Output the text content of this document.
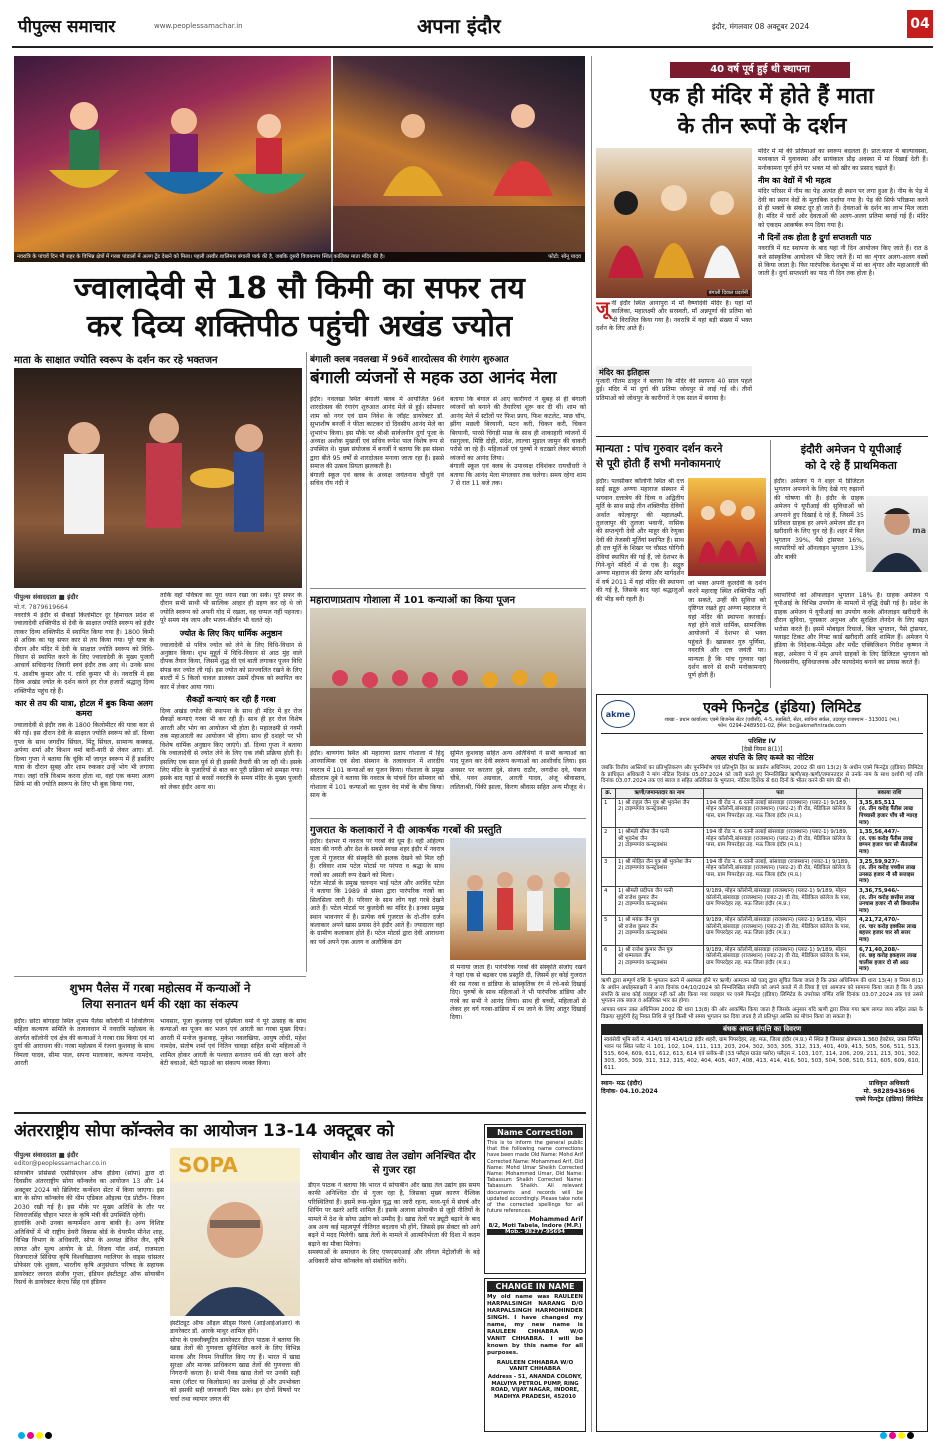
पीपुल्स समाचार	www.peoplessamachar.in	अपना इंदौर	इंदौर, मंगलवार 08 अक्टूबर 2024	04
नवरात्रि के पांचवें दिन भी शहर के विभिन्न क्षेत्रों में गरबा पांडालों में अलग ट्रेंड देखने को मिला। पहली तस्वीर शालिमार बंगाली पार्क की है, जबकि दूसरी विजयनगर स्थित कालिका माता मंदिर की है।	फोटो: सोनू यादव
ज्वालादेवी से 18 सौ किमी का सफर तय
कर दिव्य शक्तिपीठ पहुंची अखंड ज्योत
माता के साक्षात ज्योति स्वरूप के दर्शन कर रहे भक्तजन
पीपुल्स संवाददाता ■ इंदौर
मो.नं. 7879619664

नवरात्रि में इंदौर से सैकड़ों किलोमीटर दूर हिमाचल प्रदेश से ज्वालादेवी शक्तिपीठ से देवी के साक्षात ज्योति स्वरूप को इंदौर लाकर दिव्य शक्तिपीठ में स्थापित किया गया है। 1800 किमी से अधिक का यह सफर कार से तय किया गया। पूरे यात्रा के दौरान और मंदिर में देवी के साक्षात ज्योति स्वरूप को विधि-विधान से स्थापित करने के लिए ज्वालादेवी के मुख्य पुजारी आचार्य सचिदानंद तिवारी स्वयं इंदौर तक आए थे। उनके साथ पं. आशीष कुमार और पं. राशि कुमार भी थे। नवरात्रि में इस दिव्य अखंड ज्योत के दर्शन करने हर रोज हजारों श्रद्धालु दिव्य शक्तिपीठ पहुंच रहे हैं।

कार से तय की यात्रा, होटल में बुक किया अलग कमरा

ज्वालादेवी से इंदौर तक के 1800 किलोमीटर की यात्रा कार से की गई। इस दौरान देवी के साक्षात ज्योति स्वरूप को डॉ. दिव्या गुप्ता के साथ जगदीप सिंघल, मिंटू सिंघल, सामान्य कक्कड़, अर्पणा शर्मा और किशन वर्मा बारी-बारी से लेकर आए। डॉ. दिव्या गुप्ता ने बताया कि चूंकि माँ जागृत स्वरूप में हैं इसलिए यात्रा के दौरान सुबह और शाम रुककर उन्हें भोग भी लगाया गया। जहां रात्रि विश्राम करना होता था, वहां एक कमरा अलग सिर्फ मां की ज्योति स्वरूप के लिए भी बुक किया गया,

ताकि वहां पवित्रता का पूरा ध्यान रखा जा सके। पूरे सफर के दौरान सभी साथी भी सात्विक आहार ही ग्रहण कर रहे थे जो ज्योति स्वरूप को अपनी गोद में रखता, वह चप्पल नहीं पहनता। पूरे समय मंत्र जाप और भजन-कीर्तन भी चलते रहे।

ज्योत के लिए किए धार्मिक अनुष्ठान

ज्वालादेवी से पवित्र ज्योत को लेने के लिए विधि-विधान से अनुष्ठान किया। शुभ मुहूर्त में विधि-विधान से आठ मुंह वाले दीपक तैयार किया, जिसमें शुद्ध घी एवं बाती लगाकर पूजन विधि संपन्न कर ज्योत ली गई। इस ज्योत को प्रज्ज्वलित रखने के लिए बाल्टी में 5 किलो चावल डालकर उसमें दीपक को स्थापित कर कार में लेकर आया गया।

सैकड़ों कन्याएं कर रही हैं गरबा

दिव्य अखंड ज्योत की स्थापना के साथ ही मंदिर में हर रोज सैकड़ों कन्याएं गरबा भी कर रही हैं। साथ ही हर रोज विशेष आरती और भोग का आयोजन भी होता है। महालक्ष्मी से नवमी तक महाआरती का आयोजन भी होगा। साथ ही दशहरे पर भी विशेष धार्मिक अनुष्ठान किए जाएंगे। डॉ. दिव्या गुप्ता ने बताया कि ज्वालादेवी से ज्योत लेने के लिए एक लंबी प्रक्रिया होती है। इसलिए एक साल पूर्व से ही इसकी तैयारी की जा रही थी। इसके लिए मंदिर के पुजारियों से बात कर पूरी प्रक्रिया को समझा गया। इसके बाद यहां से बरसों नवरात्रि के समय मंदिर के मुख्य पुजारी को लेकर इंदौर आना था।

बंगाली क्लब नवलखा में 96वें शारदोत्सव की रंगारंग शुरुआत
बंगाली व्यंजनों से महक उठा आनंद मेला

इंदौर। नवलखा स्थित बंगाली क्लब में आयोजित 96वें शारदोत्सव की रंगारंग शुरुआत आनंद मेले से हुई। सोमवार शाम को नगर एवं ग्राम निवेश के जॉइंट डायरेक्टर डॉ. सुभाशीष बनर्जी ने फीता काटकर दो दिवसीय आनंद मेले का शुभारंभ किया। इस मौके पर श्रीश्री सार्वजनीन दुर्गा पूजा के अध्यक्ष अशोक मुखर्जी एवं सचिव रूपेश पाल विशेष रूप से उपस्थित थे। मुख्य संयोजक में बनर्जी ने बताया कि इस संस्था द्वारा बीते 95 वर्षों से शारदोत्सव मनाया जाता रहा है। इससे समाज की उत्सव प्रियता झलकती है।

बंगाली स्कूल एवं क्लब के अध्यक्ष जयंतनाथ चौधुरी एवं सचिव रॉय नंदी ने

बताया कि बंगाल से आए कारीगरों ने सुबह से ही बंगाली व्यंजनों को बनाने की तैयारियां शुरू कर दी थीं। शाम को आनंद मेले में स्टॉलों पर फिश फ्राय, फिश कटलेट, माछ चॉप, झींगा मछली बिरयानी, मटन करी, चिकन करी, चिकन बिरयानी, पारसे चिंगड़ी माछ के साथ ही शाकाहारी व्यंजनों में रसगुल्ला, मिष्टि दोही, संदेश, लाल्चा मुड़ाल जामुन की चाकरी परोसे जा रहे हैं। महिलाओं एवं पुरुषों ने चटखारे लेकर बंगाली व्यंजनों का आनंद लिया।

बंगाली स्कूल एवं क्लब के उपाध्यक्ष रविशंकर रायचौधरी ने बताया कि आनंद मेला मंगलवार तक चलेगा। समय रहेगा शाम 7 से रात 11 बजे तक।

महाराणाप्रताप गोशाला में 101 कन्याओं का किया पूजन
इंदौर। बाणगंगा स्थित श्री महाराणा प्रताप गोशाला में हिंदू आध्यात्मिक एवं सेवा संस्थान के तत्वावधान में शारदीय नवरात्र में 101 कन्याओं का पूजन किया। गोशाला के प्रमुख सीताराम दुबे ने बताया कि नवरात्र के पांचवें दिन सोमवार को गोशाला में 101 कन्याओं का पूजन वेद मंत्रों के बीच किया। साथ के
सुमित कुशवाह सहित अन्य अतिथियों ने सभी कन्याओं का पाद पूजन कर देवी स्वरूप कन्याओं का आशीर्वाद लिया। इस अवसर पर करतार दुबे, संजय राठौर, जगदीश दवे, पंकज चौबे, पवन अग्रवाल, आरती यादव, अंजू श्रीवास्तव, ललिताश्री, पिंकी झाला, किरण श्रीवास सहित अन्य मौजूद थे।
गुजरात के कलाकारों ने दी आकर्षक गरबों की प्रस्तुति

इंदौर। देशभर में नवरात्र पर गरबों की धूम है। वहीं अहिल्या माता की नगरी और देश के सबसे स्वच्छ शहर इंदौर में नवरात्र पूजा में गुजरात की संस्कृति की झलक देखने को मिल रही है। रविवार शाम पटेल मोटर्स पर परंपरा व श्रद्धा के साथ गरबों का असली रूप देखने को मिला।

पटेल मोटर्स के प्रमुख चलन्दन भाई पटेल और अरविंद पटेल ने बताया कि 1989 से संस्था द्वारा पारंपरिक गरबों का सिलसिला जारी है। परिवार के साथ लोग यहां गरबे देखने आते हैं। पटेल मोटर्स पर कुलदेवी का मंदिर है। इनका प्रमुख स्थान भावनगर में है। प्रत्येक वर्ष गुजरात के दो-तीन दर्जन कलाकार अपने खास प्रयास देने इंदौर आते हैं। ज्यादातर वहां के ग्रामीण कलाकार होते हैं। पटेल मोटर्स द्वारा देवी आराधना का पर्व अपने एक अलग व अलौकिक ढंग

से मनाया जाता है। पारंपरिक गरबों की संस्कृति संजोए रखने ने यहां एक से बढ़कर एक प्रस्तुति दी, जिसमें हर कोई गुजरात की रस गरबा व डांडिया के सांस्कृतिक रंग में रचे-बसे दिखाई दिए। पुरुषों के साथ महिलाओं ने भी पारंपरिक डांडिया और गरबे का सभी ने आनंद लिया। साथ ही बच्चों, महिलाओं से लेकर हर वर्ग गरबा-डांडिया में रम जाने के लिए आतुर दिखाई दिया।
शुभम पैलेस में गरबा महोत्सव में कन्याओं ने
लिया सनातन धर्म की रक्षा का संकल्प
इंदौर। छोटा बांगड़दा स्थित शुभम पैलेस कॉलोनी में शिवलिंगम महिला कल्याण समिति के तत्वावधान में नवरात्रि महोत्सव के अंतर्गत कॉलोनी एवं क्षेत्र की कन्याओं ने गरबा रास किया एवं मां दुर्गा की आराधना की। गरबा महोत्सव में रंजना कुशवाह के साथ विमला यादव, सीमा पाल, सपना मालाकार, कल्पना नामदेव, आरती
भावसार, पूजा कुशवाह एवं सुस्मिता वर्मा ने पूरे उत्साह के साथ कन्याओं का पूजन कर भजन एवं आरती का गरबा मुख्य दिया। आरती में मनोज कुशवाह, मुकेश नवलखिया, आयुष लोधी, महेश नामदेव, संतोष शर्मा एवं नितिन चावड़ा सहित सभी महिलाओं ने शामिल होकर आरती के पश्चात सनातन धर्म की रक्षा करने और बेटी बचाओ, बेटी पढ़ाओ का संकल्प व्यक्त किया।
अंतरराष्ट्रीय सोपा कॉन्क्लेव का आयोजन 13-14 अक्टूबर को
पीपुल्स संवाददाता ■ इंदौर
editor@peoplessamachar.co.in

सोयाबीन प्रोसेसर्स एसोसिएशन ऑफ इंडिया (सोपा) द्वारा दो दिवसीय अंतरराष्ट्रीय सोया कॉन्क्लेव का आयोजन 13 और 14 अक्टूबर 2024 को ब्रिलियंट कन्वेंशन सेंटर में किया जाएगा। इस बार के सोपा कॉन्क्लेव की थीम एडिबल ऑइल्स एंड प्रोटीन- विजन 2030 रखी गई है। इस मौके पर मुख्य अतिथि के तौर पर शिवराजसिंह चौहान भारत के कृषि मंत्री की उपस्थिति रहेगी।

हालांकि अभी उनका कन्फर्मेशन आना बाकी है। अन्य विशिष्ट अतिथियों में भी राष्ट्रीय डेयरी विकास बोर्ड के चेयरमैन मीनेश शाह, विभिन्न विभाग के अधिकारी, सोपा के अध्यक्ष डेविश जैन, कृषि लागत और मूल्य आयोग के प्रो. विजय पॉल शर्मा, राजमाता विजयाराजे सिंधिया कृषि विश्वविद्यालय ग्वालियर के वाइस चांसलर प्रोफेसर एके शुक्ला, भारतीय कृषि अनुसंधान परिषद के सहायक डायरेक्टर जनरल संजीव गुप्ता, इंडियन इंस्टीट्यूट ऑफ सोयाबीन रिसर्च के डायरेक्टर केएच सिंह एवं इंडियन

SOPA

इंस्टीट्यूट ऑफ ऑइल सीड्स रिसर्च (आईआईओआर) के डायरेक्टर डॉ. आरके माथुर शामिल होंगे।

सोपा के एक्जीक्यूटिव डायरेक्टर डीएन पाठक ने बताया कि खाद्य तेलों की गुणवत्ता सुनिश्चित करने के लिए विभिन्न मानक और नियम निर्धारित किए गए हैं। भारत में खाद्य सुरक्षा और मानक प्राधिकरण खाद्य तेलों की गुणवत्ता की निगरानी करता है। सभी पैक्ड खाद्य तेलों पर उनकी सही मात्रा (लीटर या किलोग्राम) का उल्लेख हो और उपभोक्ता को इसकी सही जानकारी मिल सके। इन दोनों विषयों पर चर्चा तथा व्यापार जगत की

सोयाबीन और खाद्य तेल उद्योग अनिश्चित दौर से गुजर रहा

डीएन पाठक ने बताया कि भारत में सोयाबीन और खाद्य तेल उद्योग इस समय काफी अनिश्चित दौर से गुजर रहा है, जिसका मुख्य कारण वैश्विक परिस्थितियां हैं। इसमें रूस-यूक्रेन युद्ध का जारी रहना, मध्य-पूर्व में संघर्ष और शिपिंग पर खतरे आदि शामिल हैं। इसके अलावा सोयाबीन से जुड़ी नीतियों के मामले में देश के सोया उद्योग को उम्मीद है। खाद्य तेलों पर ड्यूटी बढ़ाने के बाद अब अन्य कई महत्वपूर्ण नीतिगत बदलाव भी होंगे, जिससे इस सेक्टर को आगे बढ़ने में मदद मिलेगी। खाद्य तेलों के मामले में आत्मनिर्भरता की दिशा में कदम बढ़ाने का मौका मिलेगा।

समस्याओं के समाधान के लिए एफएसएआई और लीगल मेट्रोलॉजी के बड़े अधिकारी सोपा कॉन्क्लेव को संबोधित करेंगे।

Name Correction
This is to inform the general public that the following name corrections have been made Old Name: Mohd Arif Corrected Name: Mohammed Arif, Old Name: Mohd Umar Sheikh Corrected Name: Mohammed Umar, Old Name: Tabassum Shaikh Corrected Name: Tabassum Shaikh. All relevant documents and records will be updated accordingly. Please take note of the corrected spellings for all future references.
Mohammed Arif
8/2, Moti Tabela, Indore (M.P.)
Mob.- 98277-95694
CHANGE IN NAME
My old name was RAULEEN HARPALSINGH NARANG D/O HARPALSINGH HARMOHINDER SINGH. I have changed my name, my new name is RAULEEN CHHABRA W/O VANIT CHHABRA. I will be known by this name for all purposes.
RAULEEN CHHABRA W/O VANIT CHHABRA
Address - 51, ANANDA COLONY, MALVIYA PETROL PUMP, RING ROAD, VIJAY NAGAR, INDORE, MADHYA PRADESH, 452010
40 वर्ष पूर्व हुई थी स्थापना
एक ही मंदिर में होते हैं माता
के तीन रूपों के दर्शन
बंगाली दिवाल प्रदर्शनी
जू नी इंदौर स्थित आनापुरा में माँ वैष्णोदेवी मंदिर है। यहां माँ कालिका, महालक्ष्मी और सरस्वती, माँ अन्नपूर्णा की प्रतिमा को भी विराजित किया गया है। नवरात्रि में यहां बड़ी संख्या में भक्त दर्शन के लिए आते हैं।
मंदिर का इतिहास
पुजारी गौतम ठाकुर ने बताया कि मंदिर की स्थापना 40 साल पहले हुई। मंदिर में मां दुर्गा की प्रतिमा जोधपुर से लाई गई थी। तीनों प्रतिमाओं को जोधपुर के कारीगरों ने एक साल में बनाया है।

मंदिर में मां की प्रतिमाओं का स्वरूप बदलता है। प्रात:काल में बाल्यावस्था, मध्यकाल में युवावस्था और सायंकाल प्रौढ़ अवस्था में मां दिखाई देती हैं। मनोकामना पूर्ण होने पर भक्त मां को खीर का प्रसाद चढ़ाते हैं।

नीम का वेद्यों में भी महत्व

मंदिर परिसर में नीम का पेड़ अत्यंत ही स्थान पर लगा हुआ है। नीम के पेड़ में देवी का स्थान वेदों के मुताबिक दर्शाया गया है। पेड़ की सिर्फ परिक्रमा करने से ही भक्तों के संकट दूर हो जाते हैं। देवताओं के दर्शन का लाभ मिल जाता है। मंदिर में चारों ओर देवताओं की अलग-अलग प्रतिमा बनाई गई हैं। मंदिर को एकदम आकर्षक रूप दिया गया है।

नौ दिनों तक होता है दुर्गा सप्तशती पाठ

नवरात्रि में घट स्थापना के बाद यहां नौ दिन आयोजन किए जाते हैं। रात 8 बजे सांस्कृतिक आयोजन भी किए जाते हैं। मां का शृंगार अलग-अलग वस्त्रों से किया जाता है। फिर पारंपरिक वेशभूषा में मां का शृंगार और महाआरती की जाती है। दुर्गा सप्तशती का पाठ नौ दिन तक होता है।

मान्यता : पांच गुरुवार दर्शन करने
से पूरी होती हैं सभी मनोकामनाएं
इंदौर। पलसीकर कॉलोनी स्थित श्री दत्त साईं सद्गुरु अण्णा महाराज संस्थान में भगवान दत्तात्रेय की दिव्य व अद्वितीय मूर्ति के साथ साढ़े तीन शक्तिपीठ देवियों अर्थात कोल्हापुर की महालक्ष्मी, तुलजापुर की तुलजा भवानी, नासिक की सप्तशृंगी देवी और माहूर की रेणुका देवी की तेजस्वी मूर्तियां स्थापित हैं। साथ ही दत्त मूर्ति के शिखर पर चौसठ योगिनी देवियां स्थापित की गई हैं, जो देशभर के गिने-चुने मंदिरों में से एक है। सद्गुरु अण्णा महाराज की प्रेरणा और मार्गदर्शन में वर्ष 2011 में यहां मंदिर की स्थापना की गई है, जिसके बाद यहां श्रद्धालुओं की भीड़ बनी रहती है।
जो भक्त अपनी कुलदेवी के दर्शन करने महाराष्ट्र स्थित शक्तिपीठ नहीं जा सकते, उन्हीं की सुविधा को दृष्टिगत रखते हुए अण्णा महाराज ने यहां मंदिर की स्थापना करवाई। यहां होने वाले धार्मिक, सामाजिक आयोजनों में देशभर से भक्त पहुंचते हैं। खासकर गुरु पूर्णिमा, नवरात्रि और दत्त जयंती पर। मान्यता है कि पांच गुरुवार यहां दर्शन करने से सभी मनोकामनाएं पूर्ण होती हैं।
इंदौरी अमेजन पे यूपीआई
को दे रहे हैं प्राथमिकता
इंदौर। अमेजन पे ने शहर में डिजिटल भुगतान अपनाने के लिए देखे गए रुझानों की घोषणा की है। इंदौर के ग्राहक अमेजन पे यूपीआई की सुविधाओं को अपनाने हुए दिखाई दे रहे हैं, जिसमें 35 प्रतिशत ग्राहक हर अपने अमेजन डॉट इन खरीदारी के लिए चुन रहे हैं। शहर में बिल भुगतान 39%, पैसे ट्रांसफर 16%, व्यापारियों को ऑनलाइन भुगतान 13% और बाकी
ma
व्यापारियों को ऑफलाइन भुगतान 18% है। ग्राहक अमेजन पे यूपीआई के विभिन्न उपयोग के मामलों में वृद्धि देखी गई है। प्रदेश के ग्राहक अमेजन पे यूपीआई का उपयोग करके ऑनलाइन खरीदारी के दौरान सुविधा, पुरस्कार अनुभव और सुरक्षित लेनदेन के लिए बढ़त भरोसा करते हैं। इसमें मोबाइल रिचार्ज, बिल भुगतान, पैसे ट्रांसफर, फ्लाइट टिकट और गिफ्ट कार्ड खरीदारी आदि शामिल हैं। अमेजन पे इंडिया के निदेशक-पेमेंट्स और मर्चेंट एक्विजिशन गिरीश कृष्णन ने कहा, अमेजन पे में हम अपने ग्राहकों के लिए डिजिटल भुगतान को विश्वसनीय, सुविधाजनक और फायदेमंद बनाने का प्रयास करते हैं।
akme	एक्मे फिनट्रेड (इंडिया) लिमिटेड
शाखा - प्रधान कार्यालय: एक्मे बिजनेस सेंटर (एबीसी), 4-5, सबसिटी, सेंटर, साविना सर्कल, उदयपुर राजस्थान - 313001 (भा.)
फोन: 0294-2489501-02, ईमेल: bc@akmefintrade.com
परिशिष्ट IV
[देखें नियम 8(1)]
अचल संपत्ति के लिए कब्जे का नोटिस
जबकि वित्तीय आस्तियों का प्रतिभूतिकरण और पुनर्निर्माण एवं प्रतिभूति हित का प्रवर्तन अधिनियम, 2002 की धारा 13(2) के अधीन एक्मे फिनट्रेड (इंडिया) लिमिटेड के प्राधिकृत अधिकारी ने मांग नोटिस दिनांक 05.07.2024 को जारी करते हुए निम्नलिखित ऋणी/सह-ऋणी/जमानतदार से उनके नाम के साथ दर्शायी गई राशि दिनांक 03.07.2024 तक एवं ब्याज व सहित अतिरिक्त के भुगतान, नोटिस दिनांक से 60 दिनों के भीतर करने की मांग की थी।
क्र.	ऋणी/जमानतदार का नाम	पता	बकाया राशि
1	1) श्री राहुल जैन पुत्र श्री भुवनेश जैन
2) टाइम्पगांव कन्स्ट्रक्शंस	194 वी रोड न. 6 रतनी तलाई बांसवाड़ा (राजस्थान) (प्लाट-1) 9/189, मोहन कॉलोनी,बांसवाड़ा (राजस्थान) (प्लाट-2) वी रोड, मेडिकिल कॉलेज के पास, ग्राम पिपरदेहर तह. मऊ जिला इंदौर (म.प्र.)	3,35,85,511
(रु. तीन करोड़ पैंतीस लाख पिच्चासी हजार पाँच सौ ग्यारह मात्र)
2	1) श्रीमती सीमा जैन पत्नी
श्री भुवनेश जैन
2) टाइम्पगांव कन्स्ट्रक्शंस	194 वी रोड न. 6 रतनी तलाई बांसवाड़ा (राजस्थान) (प्लाट-1) 9/189, मोहन कॉलोनी,बांसवाड़ा (राजस्थान) (प्लाट-2) वी रोड, मेडिकिल कॉलेज के पास, ग्राम पिपरदेहर तह. मऊ जिला इंदौर (म.प्र.)	1,35,56,447/-
(रु. एक करोड़ पैंतीस लाख छप्पन हजार चार सौ सैंतालीस मात्र)
3	1) श्री मोहित जैन पुत्र श्री भुवनेश जैन
2) टाइम्पगांव कन्स्ट्रक्शंस	194 वी रोड न. 6 रतनी तलाई, बांसवाड़ा (राजस्थान) (प्लाट-1) 9/189, मोहन कॉलोनी,बांसवाड़ा (राजस्थान) (प्लाट-2) वी रोड, मेडिकिल कॉलेज के पास, ग्राम पिपरदेहर तह. मऊ जिला इंदौर (म.प्र.)	3,25,59,927/-
(रु. तीन करोड़ पच्चीस लाख उनसठ हजार नौ सौ सत्ताइस मात्र)
4	1) श्रीमती प्रदीप्ता जैन पत्नी
श्री राजेश कुमार जैन
2) टाइम्पगांव कन्स्ट्रक्शंस	9/189, मोहन कॉलोनी,बांसवाड़ा (राजस्थान) (प्लाट-1) 9/189, मोहन कॉलोनी,बांसवाड़ा (राजस्थान) (प्लाट-2) वी रोड, मेडिकिल कॉलेज के पास, ग्राम पिपरदेहर तह. मऊ जिला इंदौर (म.प्र.)	3,36,75,946/-
(रु. तीन करोड़ छत्तीस लाख उनचास हजार नौ सौ छियालीस मात्र)
5	1) श्री मयंक जैन पुत्र
श्री राजेश कुमार जैन
2) टाइम्पगांव कन्स्ट्रक्शंस	9/189, मोहन कॉलोनी,बांसवाड़ा (राजस्थान) (प्लाट-1) 9/189, मोहन कॉलोनी,बांसवाड़ा (राजस्थान) (प्लाट-2) वी रोड, मेडिकिल कॉलेज के पास, ग्राम पिपरदेहर तह. मऊ जिला इंदौर (म.प्र.)	4,21,72,470/-
(रु. चार करोड़ इक्कीस लाख बहत्तर हजार चार सौ सत्तर मात्र)
6	1) श्री राजेश कुमार जैन पुत्र
श्री धम्मलाल जैन
2) टाइम्पगांव कन्स्ट्रक्शंस	9/189, मोहन कॉलोनी,बांसवाड़ा (राजस्थान) (प्लाट-1) 9/189, मोहन कॉलोनी,बांसवाड़ा (राजस्थान) (प्लाट-2) वी रोड, मेडिकिल कॉलेज के पास, ग्राम पिपरदेहर तह. मऊ जिला इंदौर (म.प्र.)	6,71,40,208/-
(रु. छह करोड़ इकहत्तर लाख चालीस हजार दो सौ आठ मात्र)
ऋणी द्वारा सम्पूर्ण राशि के भुगतान करने में असफल होने पर ऋणी/ आमजन को एतद् द्वारा सूचित किया जाता है कि उक्त अधिनियम की धारा 13(4) व नियम 8(1) के अधीन अधोहस्ताक्षरी ने आज दिनांक 04/10/2024 को निम्नलिखित संपत्ति को अपने कब्जे में ले लिया है एवं आमजन को सामान्य किया जाता है कि वे उक्त संपत्ति के साथ कोई व्यवहार नहीं करें और किया गया व्यवहार पर एक्मे फिनट्रेड (इंडिया) लिमिटेड के उपरोक्त वर्णित राशि दिनांक 03.07.2024 तक एवं उससे भुगतान तक ब्याज व अतिरिक्त भार का होगा।
आपका ध्यान उक्त अधिनियम 2002 की धारा 13(8) की ओर आकर्षित किया जाता है जिसके अनुसार यदि ऋणी द्वारा लिया गया ऋण लागत व्यय सहित उक्त के विक्रय/ सुपुर्दगी हेतु नियत तिथि से पूर्व किसी भी समय भुगतान कर दिया जाता है तो प्रतिभूत आस्ति का मोचन किया जा सकता है।
बंधक अचल संपत्ति का विवरण
स्वयंसेवी भूमि सर्वे नं. 414/1 एवं 414/1/2 इंदौर शहरी, ग्राम पिपरदेहर, तह. मऊ, जिला इंदौर (म.प्र.) में स्थित है जिसका क्षेत्रफल 1.360 हेक्टेयर, उक्त निर्मित भवन पर स्थित प्लॉट नं. 101, 102, 104, 111, 113, 203, 204, 302, 303, 305, 312, 313, 401, 409, 413, 505, 506, 511, 513, 515, 604, 609, 611, 612, 613, 614 एवं ब्लॉक-बी (33 फ्लैट्स ग्राउंड फ्लोर) फ्लैट्स नं. 103, 107, 114, 206, 209, 211, 213, 301, 302, 303, 305, 309, 311, 312, 315, 402, 404, 405, 407, 408, 413, 414, 416, 501, 503, 504, 508, 510, 511, 605, 609, 610, 611.
स्थान- मऊ (इंदौर)
दिनांक- 04.10.2024
प्राधिकृत अधिकारी
मो. 9828943696
एक्मे फिनट्रेड (इंडिया) लिमिटेड
